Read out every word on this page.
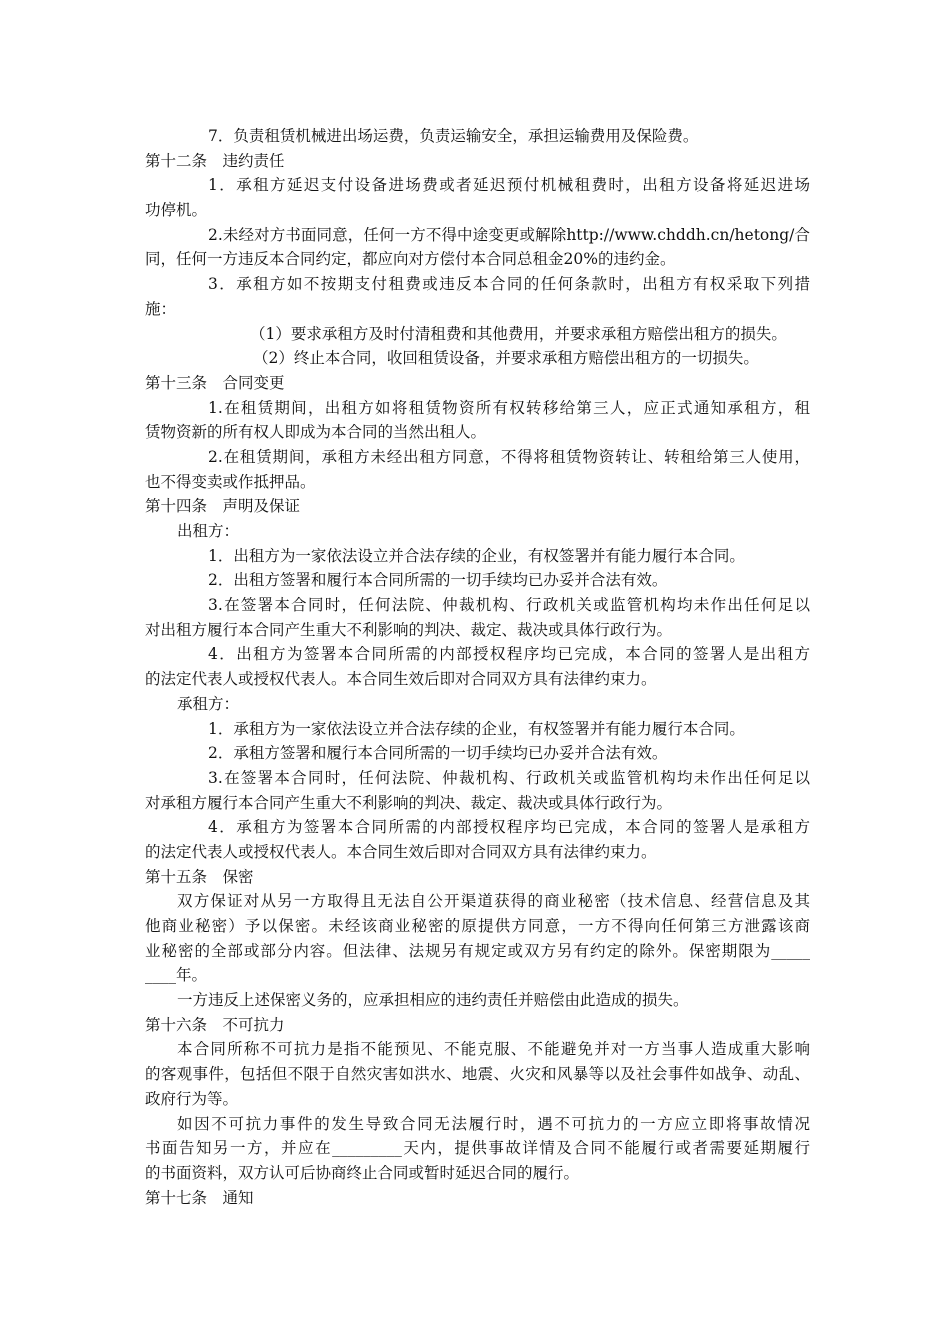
7．负责租赁机械进出场运费，负责运输安全，承担运输费用及保险费。
第十二条　违约责任
1．承租方延迟支付设备进场费或者延迟预付机械租费时，出租方设备将延迟进场
功停机。
2.未经对方书面同意，任何一方不得中途变更或解除http://www.chddh.cn/hetong/合
同，任何一方违反本合同约定，都应向对方偿付本合同总租金20%的违约金。
3．承租方如不按期支付租费或违反本合同的任何条款时，出租方有权采取下列措
施：
（1）要求承租方及时付清租费和其他费用，并要求承租方赔偿出租方的损失。
（2）终止本合同，收回租赁设备，并要求承租方赔偿出租方的一切损失。
第十三条　合同变更
1.在租赁期间，出租方如将租赁物资所有权转移给第三人，应正式通知承租方，租
赁物资新的所有权人即成为本合同的当然出租人。
2.在租赁期间，承租方未经出租方同意，不得将租赁物资转让、转租给第三人使用，
也不得变卖或作抵押品。
第十四条　声明及保证
出租方：
1．出租方为一家依法设立并合法存续的企业，有权签署并有能力履行本合同。
2．出租方签署和履行本合同所需的一切手续均已办妥并合法有效。
3.在签署本合同时，任何法院、仲裁机构、行政机关或监管机构均未作出任何足以
对出租方履行本合同产生重大不利影响的判决、裁定、裁决或具体行政行为。
4．出租方为签署本合同所需的内部授权程序均已完成，本合同的签署人是出租方
的法定代表人或授权代表人。本合同生效后即对合同双方具有法律约束力。
承租方：
1．承租方为一家依法设立并合法存续的企业，有权签署并有能力履行本合同。
2．承租方签署和履行本合同所需的一切手续均已办妥并合法有效。
3.在签署本合同时，任何法院、仲裁机构、行政机关或监管机构均未作出任何足以
对承租方履行本合同产生重大不利影响的判决、裁定、裁决或具体行政行为。
4．承租方为签署本合同所需的内部授权程序均已完成，本合同的签署人是承租方
的法定代表人或授权代表人。本合同生效后即对合同双方具有法律约束力。
第十五条　保密
双方保证对从另一方取得且无法自公开渠道获得的商业秘密（技术信息、经营信息及其
他商业秘密）予以保密。未经该商业秘密的原提供方同意，一方不得向任何第三方泄露该商
业秘密的全部或部分内容。但法律、法规另有规定或双方另有约定的除外。保密期限为_____
____年。
一方违反上述保密义务的，应承担相应的违约责任并赔偿由此造成的损失。
第十六条　不可抗力
本合同所称不可抗力是指不能预见、不能克服、不能避免并对一方当事人造成重大影响
的客观事件，包括但不限于自然灾害如洪水、地震、火灾和风暴等以及社会事件如战争、动乱、
政府行为等。
如因不可抗力事件的发生导致合同无法履行时，遇不可抗力的一方应立即将事故情况
书面告知另一方，并应在_________天内，提供事故详情及合同不能履行或者需要延期履行
的书面资料，双方认可后协商终止合同或暂时延迟合同的履行。
第十七条　通知
